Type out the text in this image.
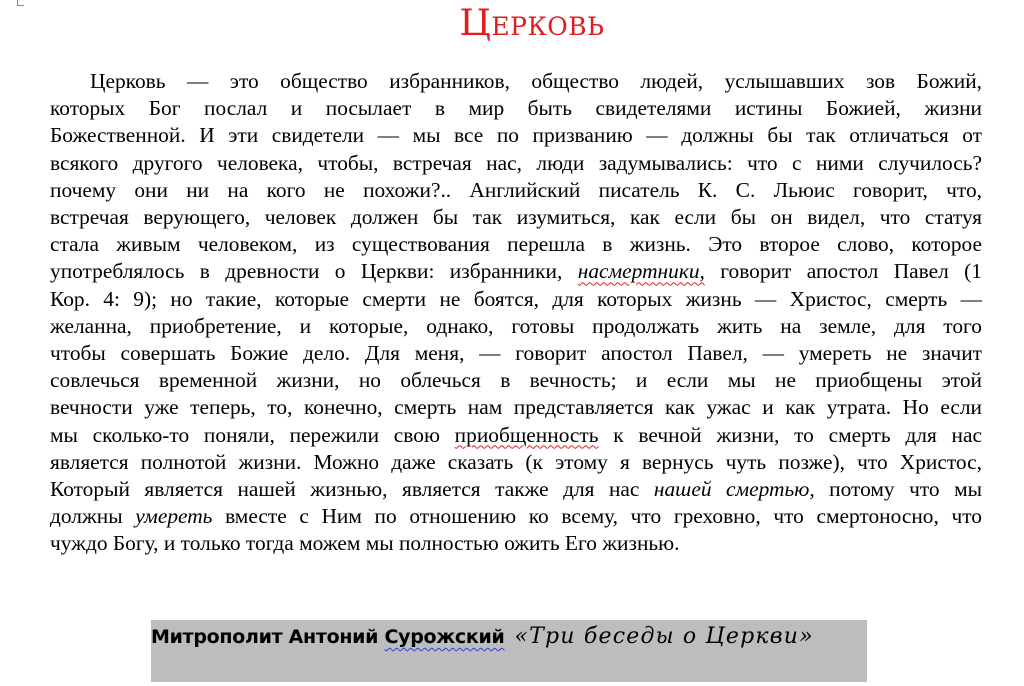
Церковь
Церковь — это общество избранников, общество людей, услышавших зов Божий,
которых Бог послал и посылает в мир быть свидетелями истины Божией, жизни
Божественной. И эти свидетели — мы все по призванию — должны бы так отличаться от
всякого другого человека, чтобы, встречая нас, люди задумывались: что с ними случилось?
почему они ни на кого не похожи?.. Английский писатель К. С. Льюис говорит, что,
встречая верующего, человек должен бы так изумиться, как если бы он видел, что статуя
стала живым человеком, из существования перешла в жизнь. Это второе слово, которое
употреблялось в древности о Церкви: избранники, насмертники, говорит апостол Павел (1
Кор. 4: 9); но такие, которые смерти не боятся, для которых жизнь — Христос, смерть —
желанна, приобретение, и которые, однако, готовы продолжать жить на земле, для того
чтобы совершать Божие дело. Для меня, — говорит апостол Павел, — умереть не значит
совлечься временной жизни, но облечься в вечность; и если мы не приобщены этой
вечности уже теперь, то, конечно, смерть нам представляется как ужас и как утрата. Но если
мы сколько-то поняли, пережили свою приобщенность к вечной жизни, то смерть для нас
является полнотой жизни. Можно даже сказать (к этому я вернусь чуть позже), что Христос,
Который является нашей жизнью, является также для нас нашей смертью, потому что мы
должны умереть вместе с Ним по отношению ко всему, что греховно, что смертоносно, что
чуждо Богу, и только тогда можем мы полностью ожить Его жизнью.
Митрополит Антоний Сурожский «Три беседы о Церкви»
